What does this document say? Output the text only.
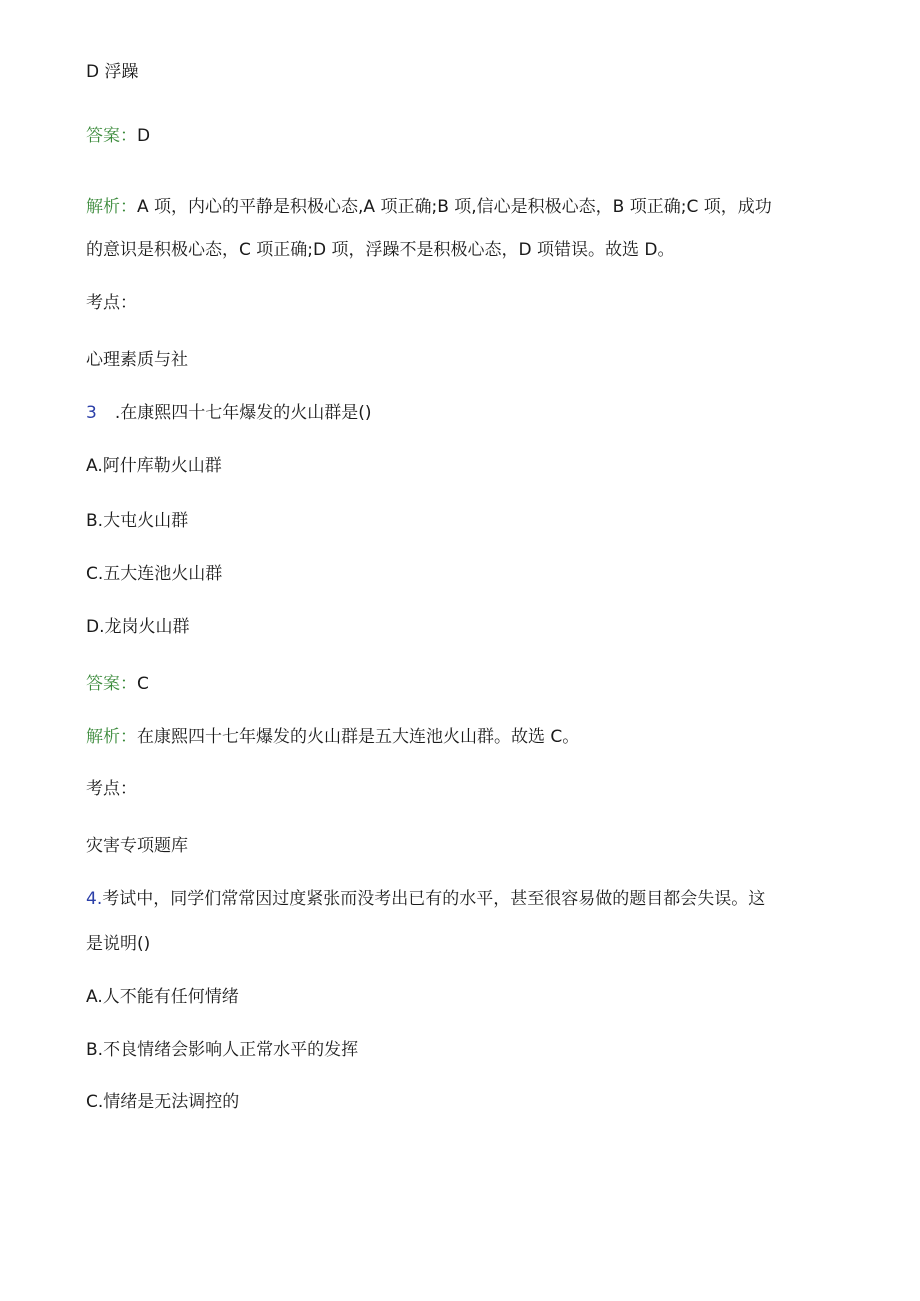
D 浮躁
答案：D
解析：A 项，内心的平静是积极心态,A 项正确;B 项,信心是积极心态，B 项正确;C 项，成功
的意识是积极心态，C 项正确;D 项，浮躁不是积极心态，D 项错误。故选 D。
考点：
心理素质与社
3 .在康熙四十七年爆发的火山群是()
A.阿什库勒火山群
B.大屯火山群
C.五大连池火山群
D.龙岗火山群
答案：C
解析：在康熙四十七年爆发的火山群是五大连池火山群。故选 C。
考点：
灾害专项题库
4.考试中，同学们常常因过度紧张而没考出已有的水平，甚至很容易做的题目都会失误。这
是说明()
A.人不能有任何情绪
B.不良情绪会影响人正常水平的发挥
C.情绪是无法调控的
